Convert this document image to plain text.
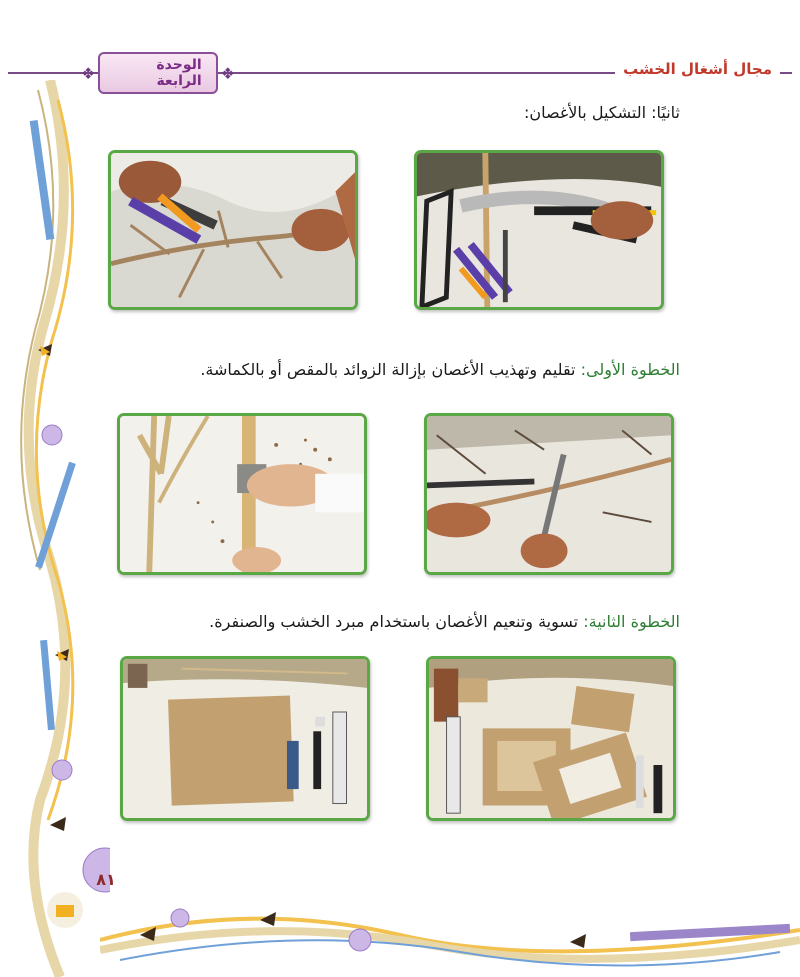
مجال أشغال الخشب
❖	الوحدة الرابعة	❖
ثانيًا: التشكيل بالأغصان:
الخطوة الأولى: تقليم وتهذيب الأغصان بإزالة الزوائد بالمقص أو بالكماشة.
الخطوة الثانية: تسوية وتنعيم الأغصان باستخدام مبرد الخشب والصنفرة.
٨١
